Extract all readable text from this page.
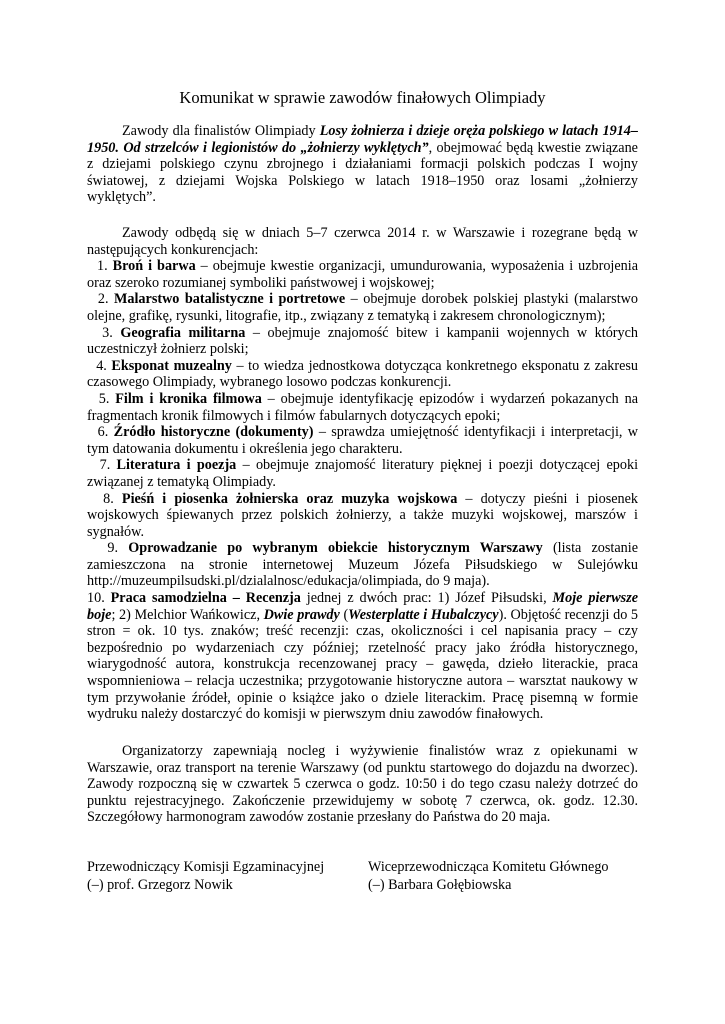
Komunikat w sprawie zawodów finałowych Olimpiady

Zawody dla finalistów Olimpiady Losy żołnierza i dzieje oręża polskiego w latach 1914–1950. Od strzelców i legionistów do „żołnierzy wyklętych”, obejmować będą kwestie związane z dziejami polskiego czynu zbrojnego i działaniami formacji polskich podczas I wojny światowej, z dziejami Wojska Polskiego w latach 1918–1950 oraz losami „żołnierzy wyklętych”.

Zawody odbędą się w dniach 5–7 czerwca 2014 r. w Warszawie i rozegrane będą w następujących konkurencjach:
1. Broń i barwa – obejmuje kwestie organizacji, umundurowania, wyposażenia i uzbrojenia oraz szeroko rozumianej symboliki państwowej i wojskowej;
2. Malarstwo batalistyczne i portretowe – obejmuje dorobek polskiej plastyki (malarstwo olejne, grafikę, rysunki, litografie, itp., związany z tematyką i zakresem chronologicznym);
3. Geografia militarna – obejmuje znajomość bitew i kampanii wojennych w których uczestniczył żołnierz polski;
4. Eksponat muzealny – to wiedza jednostkowa dotycząca konkretnego eksponatu z zakresu czasowego Olimpiady, wybranego losowo podczas konkurencji.
5. Film i kronika filmowa – obejmuje identyfikację epizodów i wydarzeń pokazanych na fragmentach kronik filmowych i filmów fabularnych dotyczących epoki;
6. Źródło historyczne (dokumenty) – sprawdza umiejętność identyfikacji i interpretacji, w tym datowania dokumentu i określenia jego charakteru.
7. Literatura i poezja – obejmuje znajomość literatury pięknej i poezji dotyczącej epoki związanej z tematyką Olimpiady.
8. Pieśń i piosenka żołnierska oraz muzyka wojskowa – dotyczy pieśni i piosenek wojskowych śpiewanych przez polskich żołnierzy, a także muzyki wojskowej, marszów i sygnałów.
9. Oprowadzanie po wybranym obiekcie historycznym Warszawy (lista zostanie zamieszczona na stronie internetowej Muzeum Józefa Piłsudskiego w Sulejówku http://muzeumpilsudski.pl/dzialalnosc/edukacja/olimpiada, do 9 maja).
10. Praca samodzielna – Recenzja jednej z dwóch prac: 1) Józef Piłsudski, Moje pierwsze boje; 2) Melchior Wańkowicz, Dwie prawdy (Westerplatte i Hubalczycy). Objętość recenzji do 5 stron = ok. 10 tys. znaków; treść recenzji: czas, okoliczności i cel napisania pracy – czy bezpośrednio po wydarzeniach czy później; rzetelność pracy jako źródła historycznego, wiarygodność autora, konstrukcja recenzowanej pracy – gawęda, dzieło literackie, praca wspomnieniowa – relacja uczestnika; przygotowanie historyczne autora – warsztat naukowy w tym przywołanie źródeł, opinie o książce jako o dziele literackim. Pracę pisemną w formie wydruku należy dostarczyć do komisji w pierwszym dniu zawodów finałowych.

Organizatorzy zapewniają nocleg i wyżywienie finalistów wraz z opiekunami w Warszawie, oraz transport na terenie Warszawy (od punktu startowego do dojazdu na dworzec). Zawody rozpoczną się w czwartek 5 czerwca o godz. 10:50 i do tego czasu należy dotrzeć do punktu rejestracyjnego. Zakończenie przewidujemy w sobotę 7 czerwca, ok. godz. 12.30. Szczegółowy harmonogram zawodów zostanie przesłany do Państwa do 20 maja.

Przewodniczący Komisji Egzaminacyjnej
(–) prof. Grzegorz Nowik
Wiceprzewodnicząca Komitetu Głównego
(–) Barbara Gołębiowska
